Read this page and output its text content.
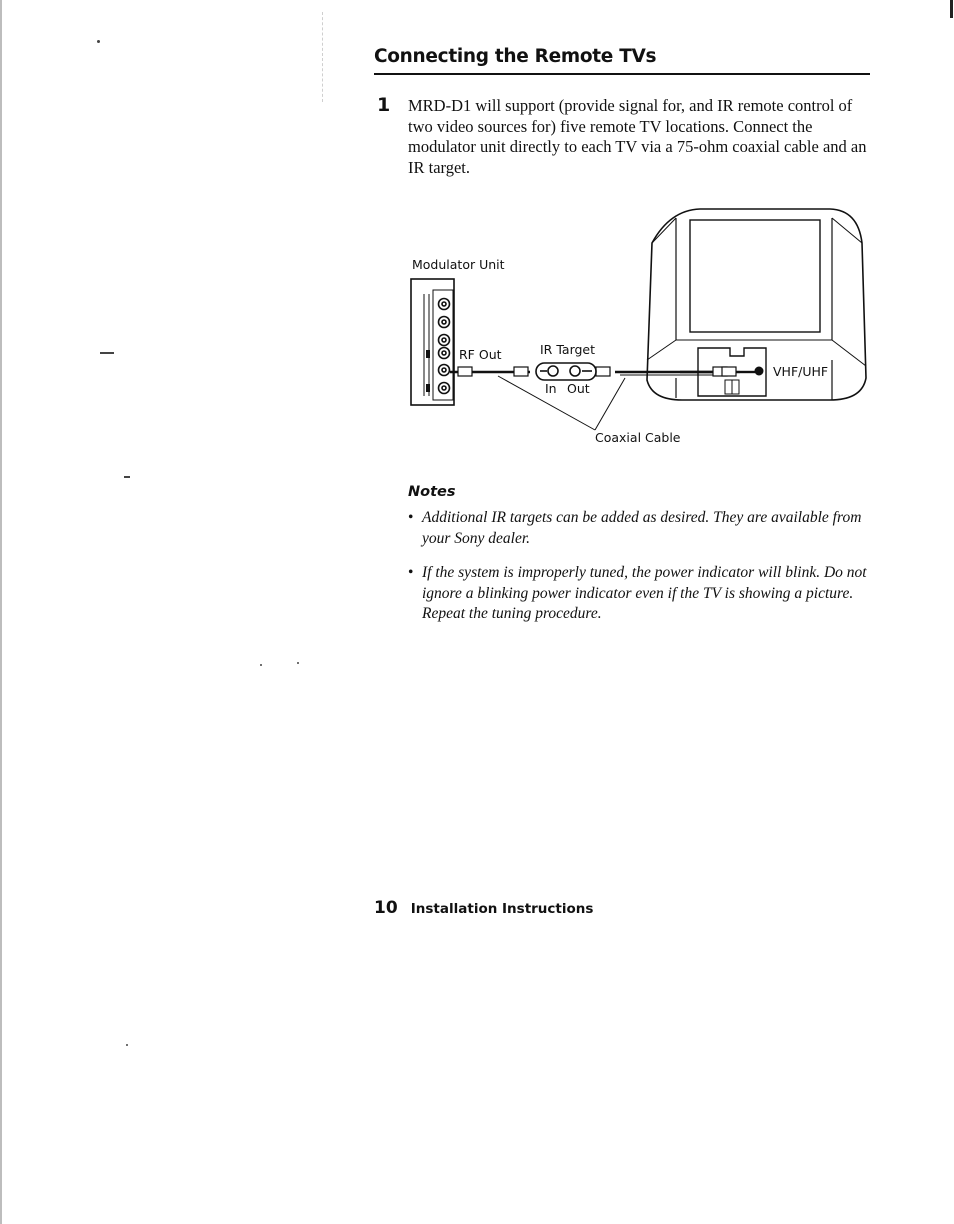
Connecting the Remote TVs
1 MRD-D1 will support (provide signal for, and IR remote control of two video sources for) five remote TV locations. Connect the modulator unit directly to each TV via a 75-ohm coaxial cable and an IR target.

Modulator Unit
RF Out	IR Target
In Out
Coaxial Cable
VHF/UHF
Notes
• Additional IR targets can be added as desired. They are available from your Sony dealer.
• If the system is improperly tuned, the power indicator will blink. Do not ignore a blinking power indicator even if the TV is showing a picture. Repeat the tuning procedure.
10 Installation Instructions
